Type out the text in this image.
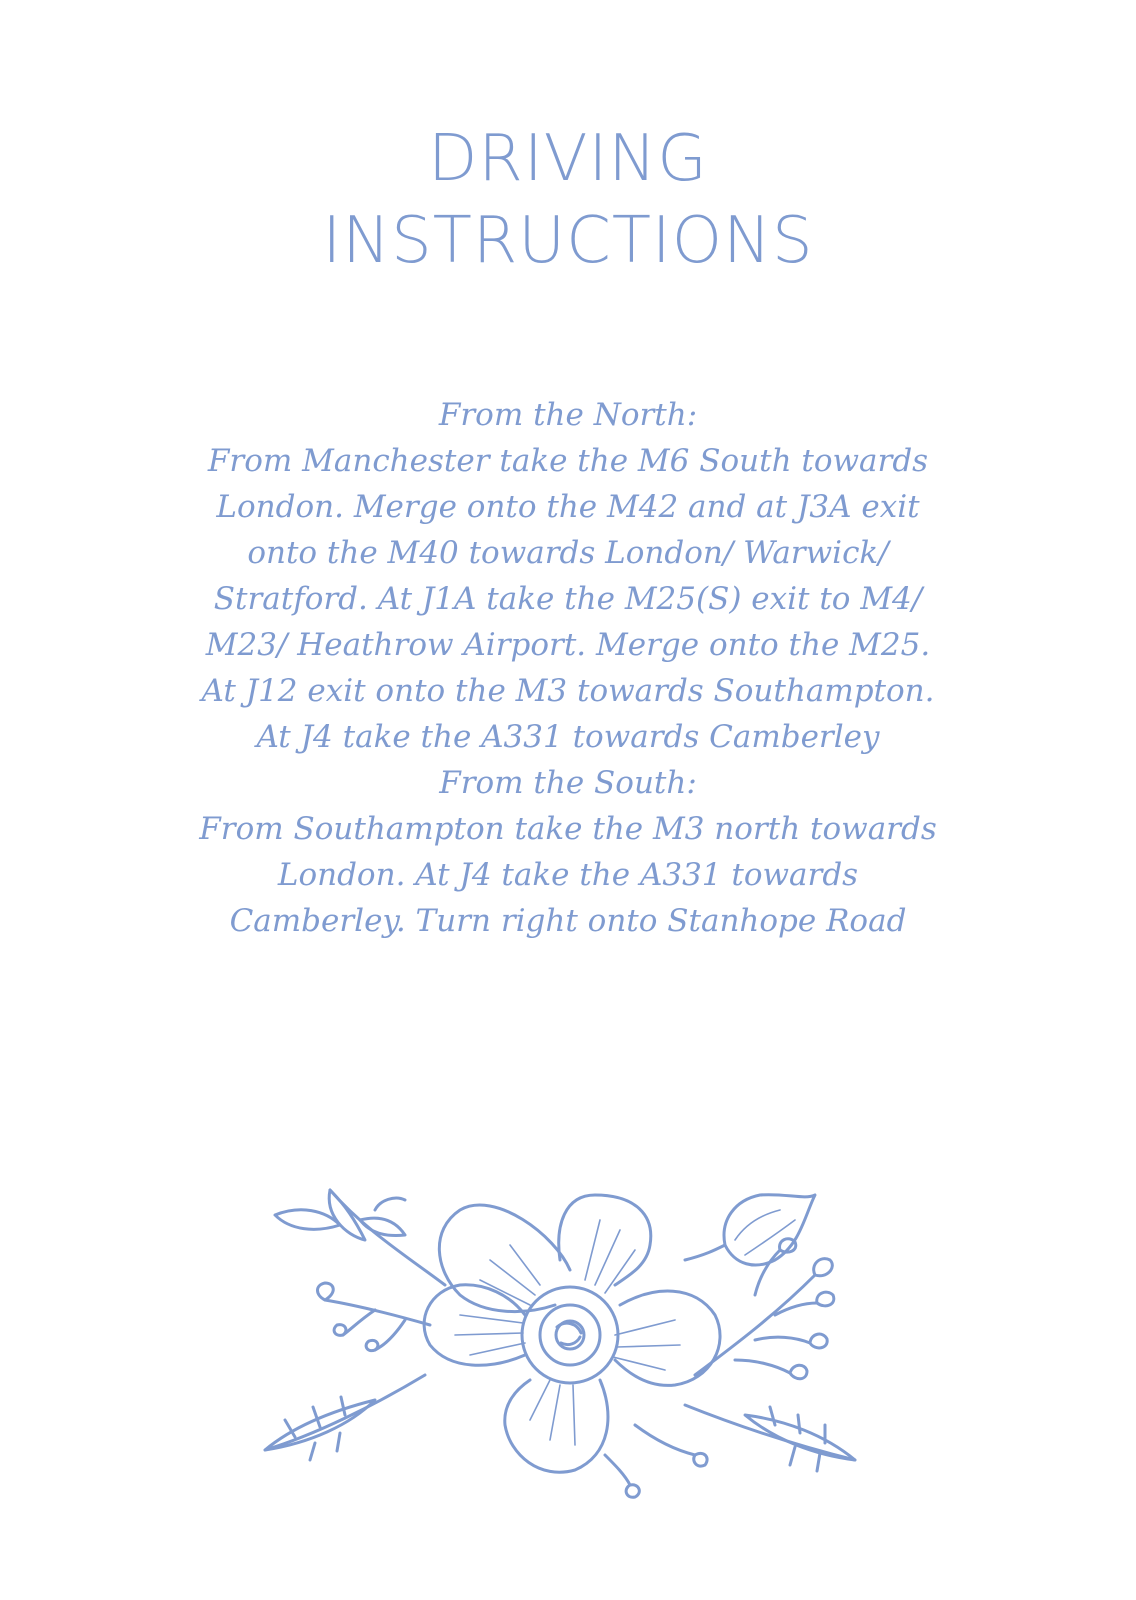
DRIVING
INSTRUCTIONS

From the North:

From Manchester take the M6 South towards London. Merge onto the M42 and at J3A exit onto the M40 towards London/ Warwick/ Stratford. At J1A take the M25(S) exit to M4/ M23/ Heathrow Airport. Merge onto the M25. At J12 exit onto the M3 towards Southampton. At J4 take the A331 towards Camberley

From the South:

From Southampton take the M3 north towards London. At J4 take the A331 towards Camberley. Turn right onto Stanhope Road
